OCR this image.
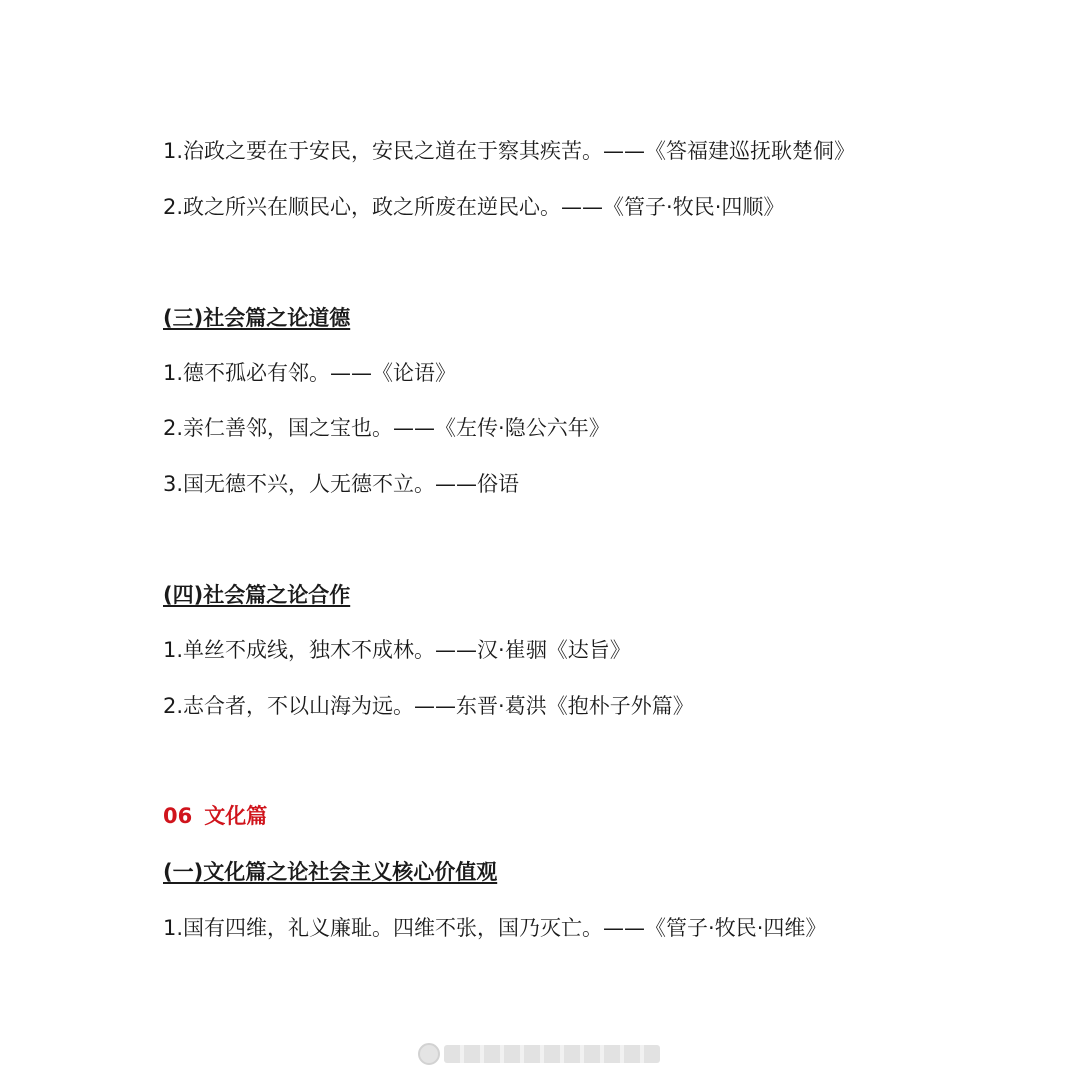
1.治政之要在于安民，安民之道在于察其疾苦。——《答福建巡抚耿楚侗》
2.政之所兴在顺民心，政之所废在逆民心。——《管子·牧民·四顺》
(三)社会篇之论道德
1.德不孤必有邻。——《论语》
2.亲仁善邻，国之宝也。——《左传·隐公六年》
3.国无德不兴，人无德不立。——俗语
(四)社会篇之论合作
1.单丝不成线，独木不成林。——汉·崔骃《达旨》
2.志合者，不以山海为远。——东晋·葛洪《抱朴子外篇》
06 文化篇
(一)文化篇之论社会主义核心价值观
1.国有四维，礼义廉耻。四维不张，国乃灭亡。——《管子·牧民·四维》
